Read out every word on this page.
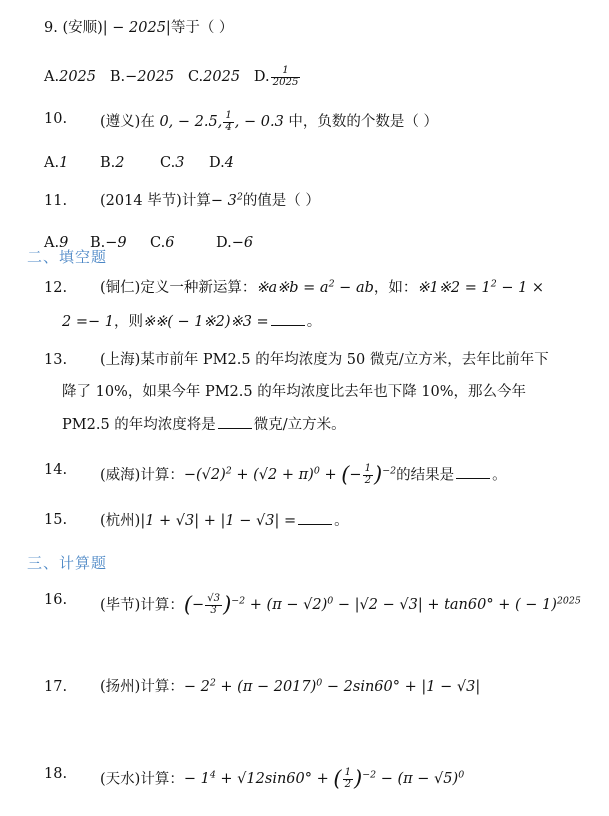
9. (安顺)| − 2025|等于（ ）
A.2025 B.−2025 C.2025 D. $\frac{1}{2025}$
10. (遵义)在 0, − 2.5, $\frac{1}{4}$ , − 0.3 中，负数的个数是（ ）
A.1 B.2 C.3 D.4
11. (2014 毕节)计算− $3^2$的值是（ ）
A.9 B.−9 C.6	D.−6
二、填空题
12. (铜仁)定义一种新运算：※a※b = $a^2$ − ab，如：※1※2 = $1^2 - 1$ ×
2 =− 1，则※※( − 1※2)※3 =	。
13. (上海)某市前年 PM2.5 的年均浓度为 50 微克/立方米，去年比前年下
降了 10%，如果今年 PM2.5 的年均浓度比去年也下降 10%，那么今年
PM2.5 的年均浓度将是	微克/立方米。
14. (威海)计算：$-(√2)^2 + (√2 + \pi)^0$ + (− $\frac{1}{2} )^{-2}$的结果是	。
15. (杭州)|1 + √3| + |1 − √3| =	。
三、计算题
16. (毕节)计算：(− $\frac{√3}{3} )^{-2} + (\pi - √2)^0 - |√2 - √3| + \tan 60^\circ$ + ( − 1)$^{2025}$
17. (扬州)计算：− $2^2 + (\pi - 2017)^0 - 2\sin 60^\circ + |1 - √3|$
18. (天水)计算：− $1^4 + √12\sin 60^\circ$ + ( $\frac{1}{2} )^{-2} - (\pi - √5)^0$
